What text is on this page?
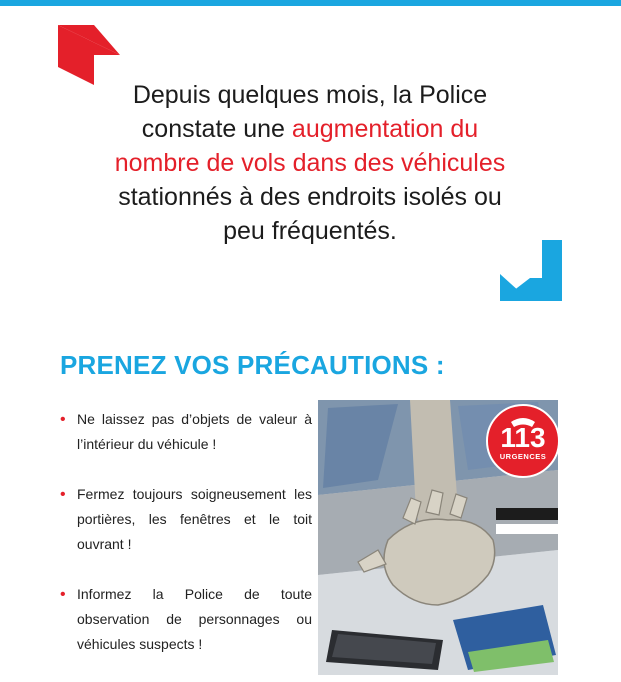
Depuis quelques mois, la Police
constate une augmentation du
nombre de vols dans des véhicules
stationnés à des endroits isolés ou
peu fréquentés.
PRENEZ VOS PRÉCAUTIONS :
• Ne laissez pas d’objets de valeur à l’intérieur du véhicule !
• Fermez toujours soigneusement les portières, les fenêtres et le toit ouvrant !
• Informez la Police de toute observation de personnages ou véhicules suspects !
113
URGENCES
